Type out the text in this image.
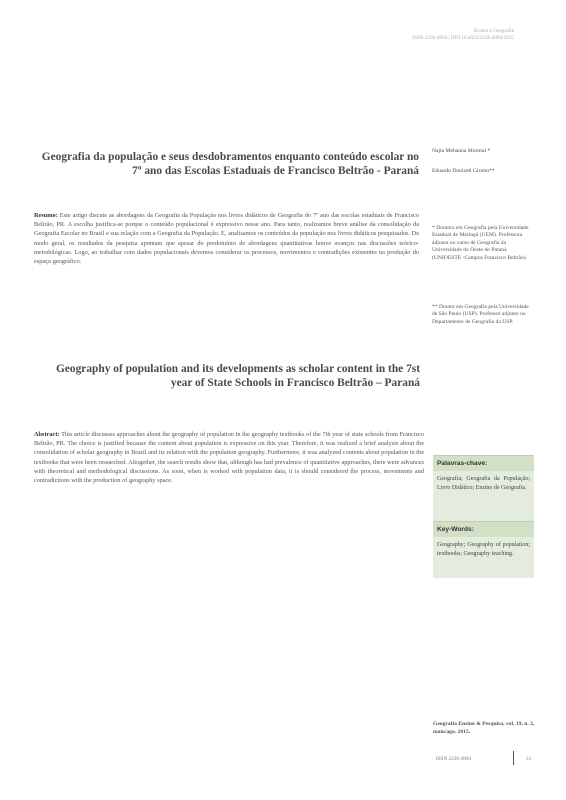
Ensino e Geografia
ISSN 2236-4994 | DOI 10.4025/2236-4994/2015
Geografia da população e seus desdobramentos enquanto conteúdo escolar no 7º ano das Escolas Estaduais de Francisco Beltrão - Paraná
Najla Mehanna Mormul *
Eduardo Donizeti Girotto**
Resumo: Este artigo discute as abordagens da Geografia da População nos livros didáticos de Geografia do 7º ano das escolas estaduais de Francisco Beltrão, PR. A escolha justifica-se porque o conteúdo populacional é expressivo nesse ano. Para tanto, realizamos breve análise da consolidação da Geografia Escolar no Brasil e sua relação com a Geografia da População. E, analisamos os conteúdos da população nos livros didáticos pesquisados. De modo geral, os resultados da pesquisa apontam que apesar do predomínio de abordagens quantitativas houve avanços nas discussões teórico-metodológicas. Logo, ao trabalhar com dados populacionais devemos considerar os processos, movimentos e contradições existentes na produção do espaço geográfico.
* Doutora em Geografia pela Universidade Estadual de Maringá (UEM). Professora adjunta no curso de Geografia da Universidade do Oeste do Paraná (UNIOESTE -Campus Francisco Beltrão).
** Doutor em Geografia pela Universidade de São Paulo (USP). Professor adjunto no Departamento de Geografia da USP.
Geography of population and its developments as scholar content in the 7st year of State Schools in Francisco Beltrão – Paraná
Abstract: This article discusses approaches about the geography of population in the geography textbooks of the 7th year of state schools from Francisco Beltrão, PR. The choice is justified because the content about population is expressive on this year. Therefore, it was realized a brief analysis about the consolidation of scholar geography in Brazil and its relation with the population geography. Furthermore, it was analyzed contents about population in the textbooks that were been researched. Altogether, the search results show that, although has had prevalence of quantitative approaches, there were advances with theoretical and methodological discussions. As soon, when is worked with population data, it is should considered the process, movements and contradictions with the production of geography space.
Palavras-chave:
Geografia; Geografia da População; Livro Didático; Ensino de Geografia.
Key-Words:
Geography; Geography of population; textbooks; Geography teaching.
Geografia Ensino & Pesquisa, vol. 19, n. 2, maio/ago. 2015.
ISSN 2236-4994	51
